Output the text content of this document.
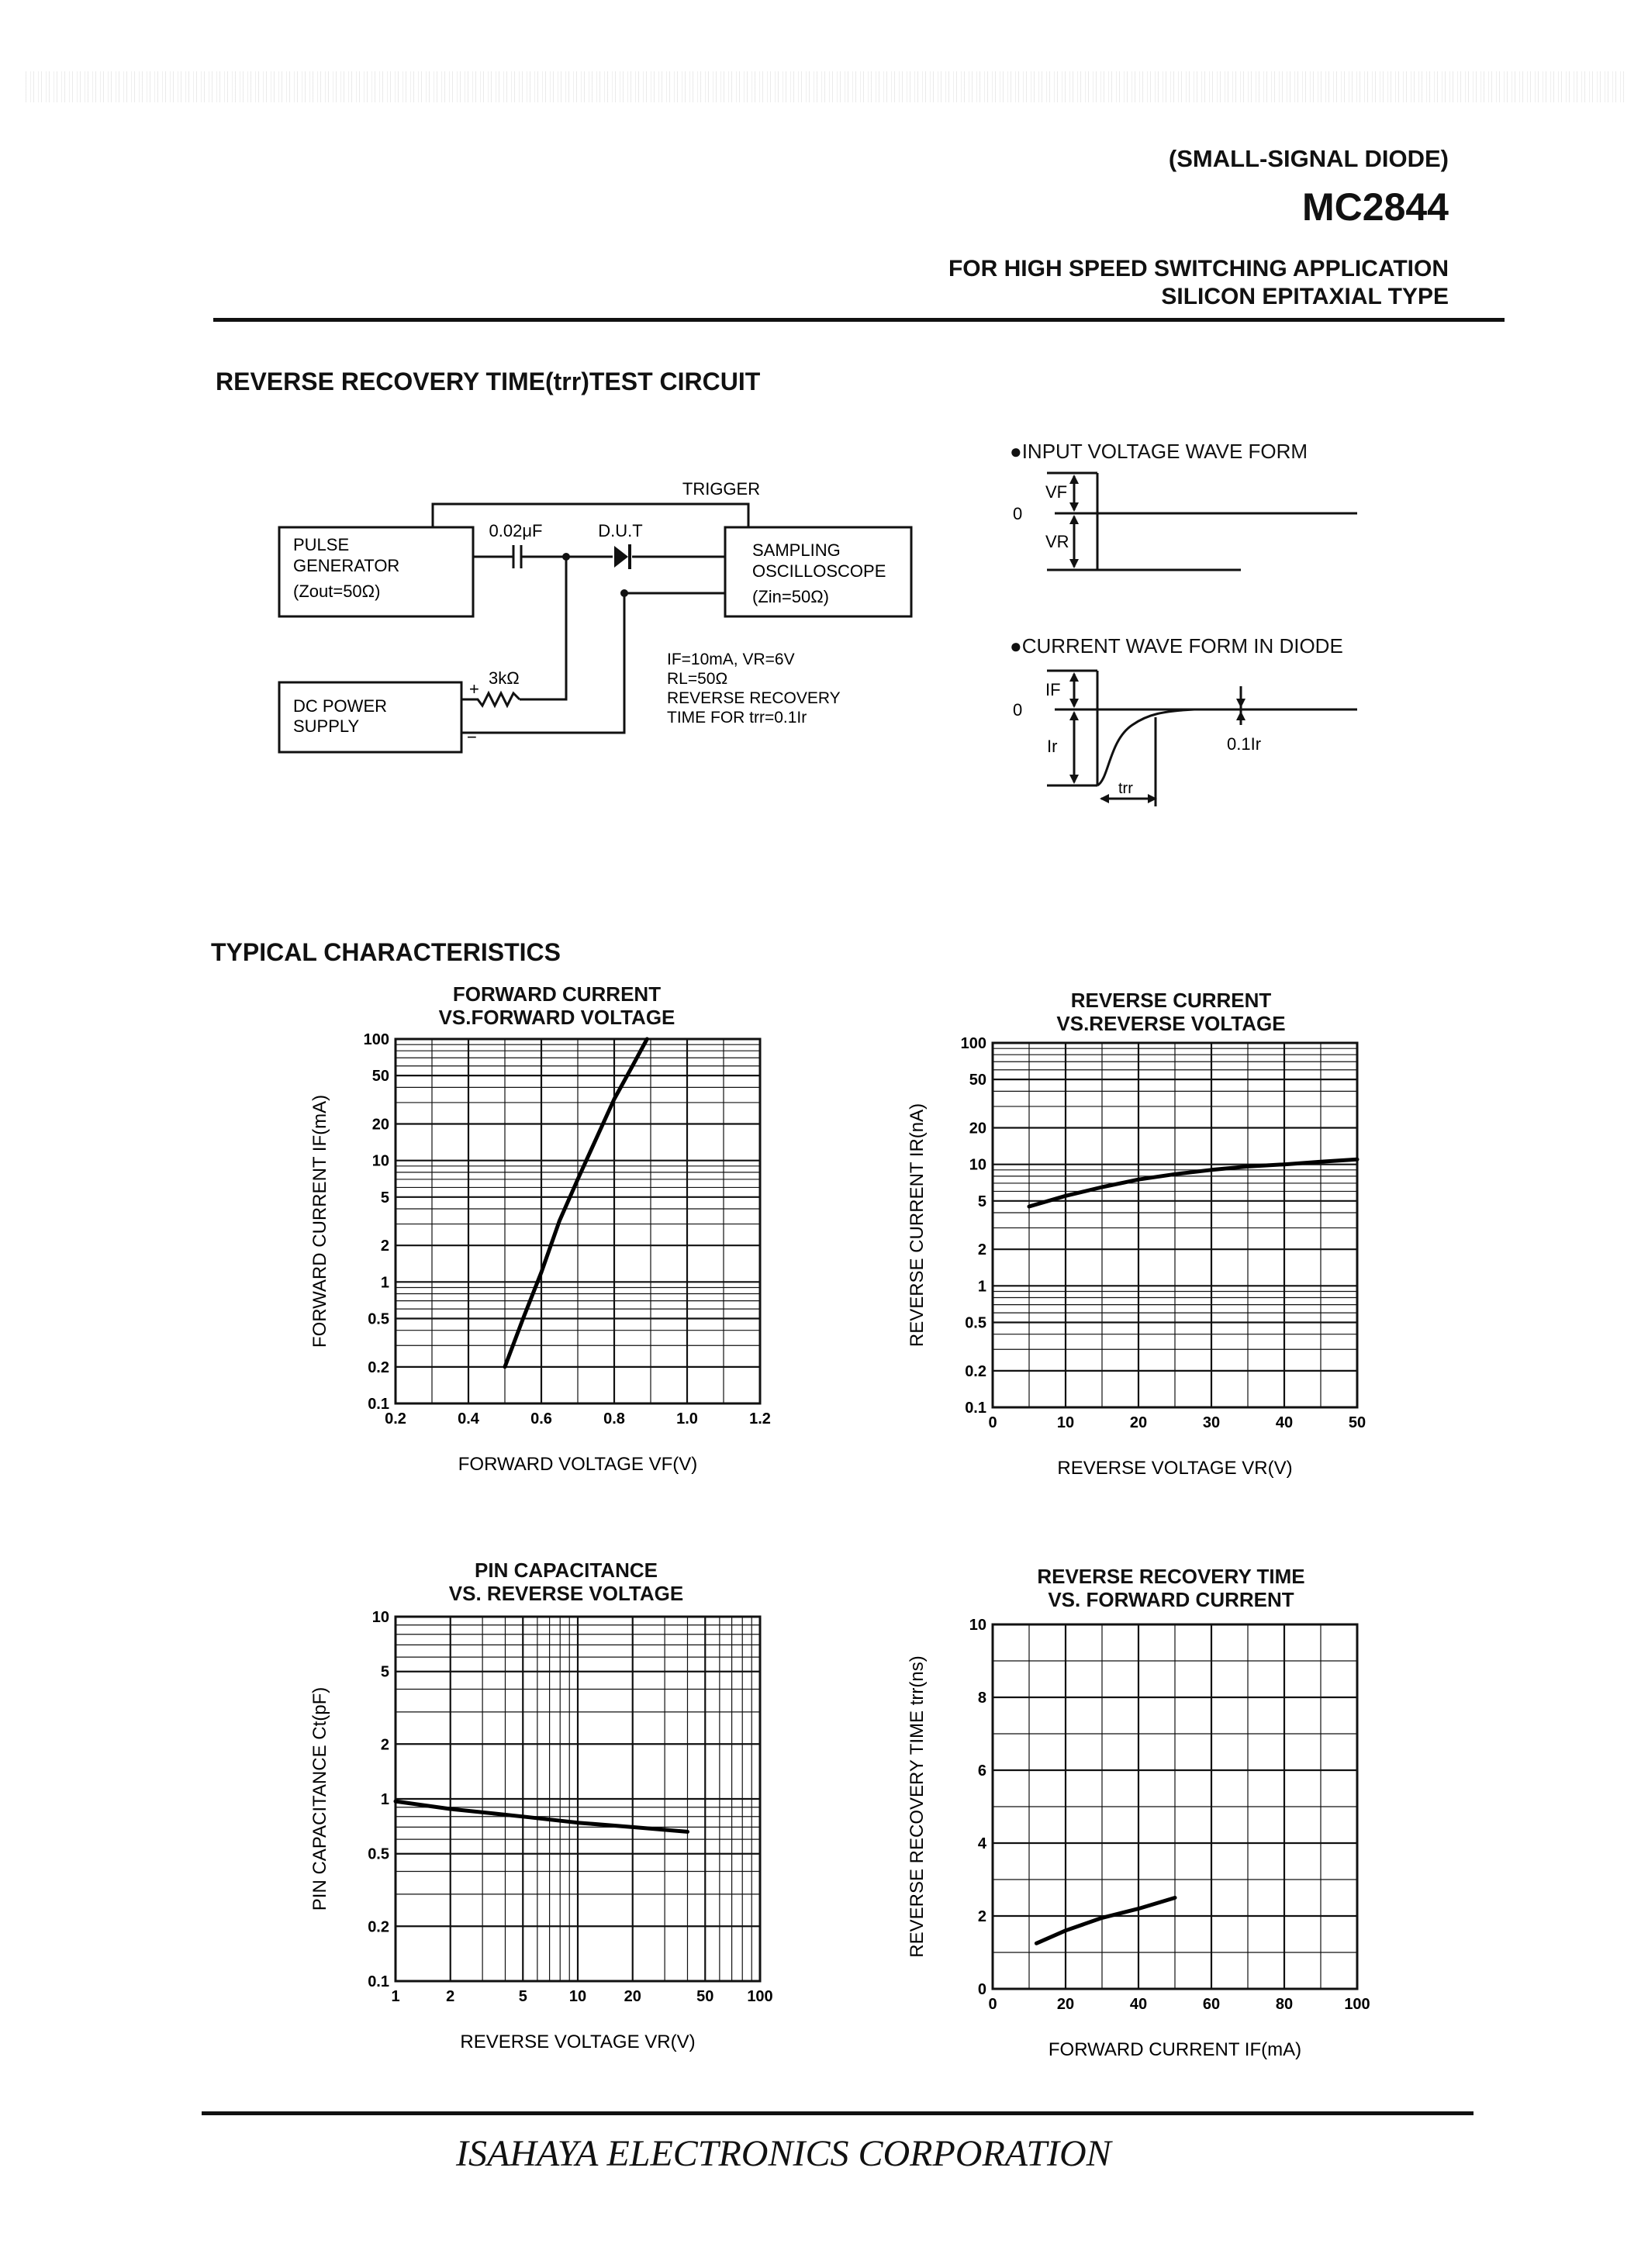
(SMALL-SIGNAL DIODE)
MC2844
FOR HIGH SPEED SWITCHING APPLICATION
SILICON EPITAXIAL TYPE
REVERSE RECOVERY TIME(trr)TEST CIRCUIT
TRIGGER
0.02μF	D.U.T
PULSE
GENERATOR
(Zout=50Ω)
SAMPLING
OSCILLOSCOPE
(Zin=50Ω)
DC POWER
SUPPLY
+
−
3kΩ
IF=10mA, VR=6V
RL=50Ω
REVERSE RECOVERY
TIME FOR trr=0.1Ir
●INPUT VOLTAGE WAVE FORM
VF
0
VR
●CURRENT WAVE FORM IN DIODE
IF
0
Ir	0.1Ir
trr
TYPICAL CHARACTERISTICS
FORWARD CURRENT
VS.FORWARD VOLTAGE
0.2	0.4	0.6	0.8	1.0	1.2
100
50
20
10
5
2
1
0.5
0.2
0.1
FORWARD VOLTAGE VF(V)
FORWARD CURRENT IF(mA)
REVERSE CURRENT
VS.REVERSE VOLTAGE
0	10	20	30	40	50
100
50
20
10
5
2
1
0.5
0.2
0.1
REVERSE VOLTAGE VR(V)
REVERSE CURRENT IR(nA)
PIN CAPACITANCE
VS. REVERSE VOLTAGE
1	2	5	10 20	50 100
10
5
2
1
0.5
0.2
0.1
REVERSE VOLTAGE VR(V)
PIN CAPACITANCE Ct(pF)
REVERSE RECOVERY TIME
VS. FORWARD CURRENT
0	20	40	60	80	100
10
8
6
4
2
0
FORWARD CURRENT IF(mA)
REVERSE RECOVERY TIME trr(ns)
ISAHAYA ELECTRONICS CORPORATION
